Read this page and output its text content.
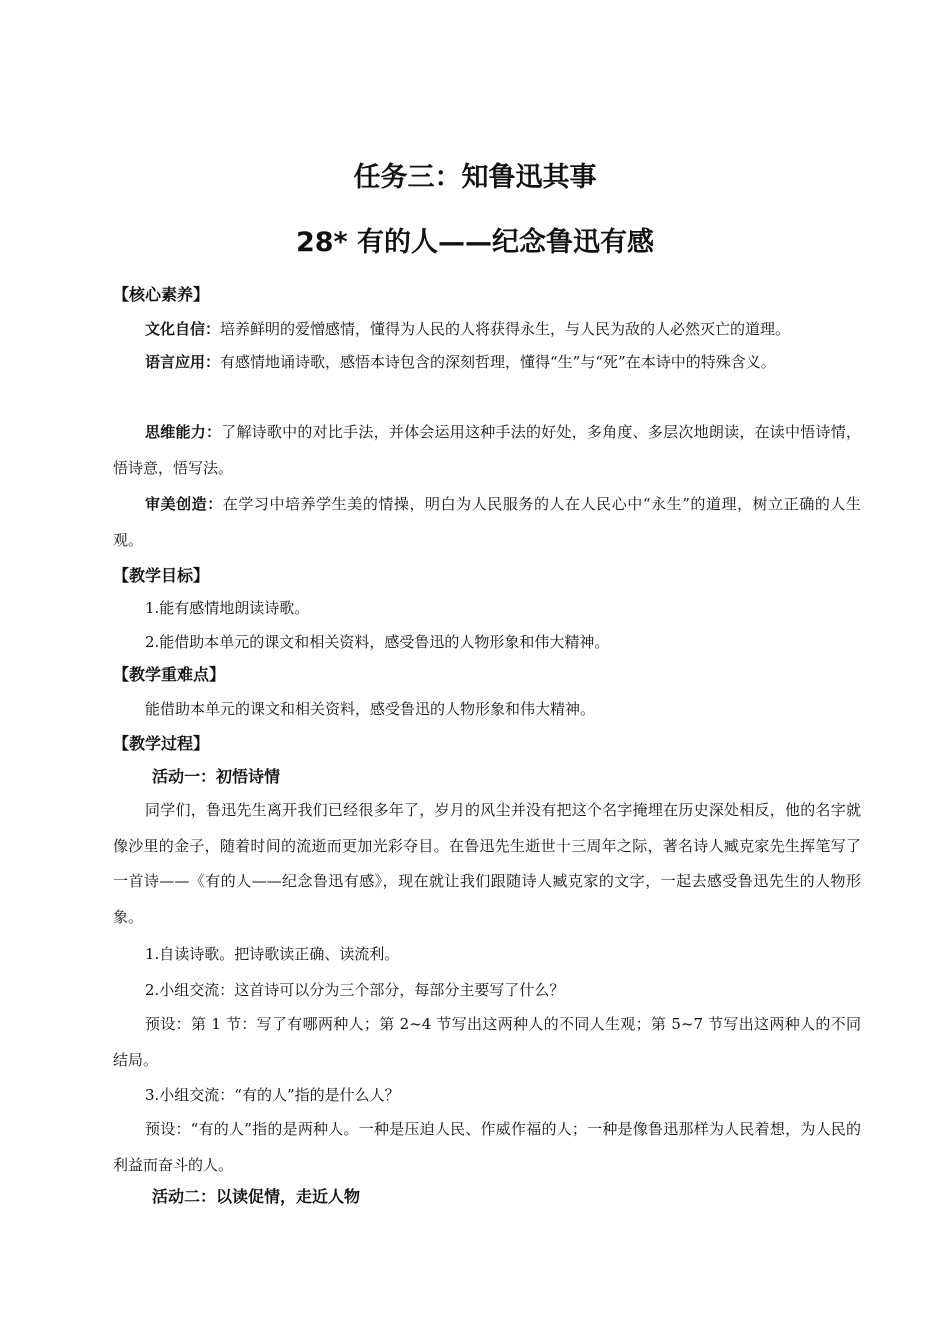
任务三：知鲁迅其事
28* 有的人——纪念鲁迅有感
【核心素养】
文化自信：培养鲜明的爱憎感情，懂得为人民的人将获得永生，与人民为敌的人必然灭亡的道理。
语言应用：有感情地诵诗歌，感悟本诗包含的深刻哲理，懂得“生”与“死”在本诗中的特殊含义。
思维能力：了解诗歌中的对比手法，并体会运用这种手法的好处，多角度、多层次地朗读，在读中悟诗情，悟诗意，悟写法。
审美创造：在学习中培养学生美的情操，明白为人民服务的人在人民心中“永生”的道理，树立正确的人生观。
【教学目标】
1.能有感情地朗读诗歌。
2.能借助本单元的课文和相关资料，感受鲁迅的人物形象和伟大精神。
【教学重难点】
能借助本单元的课文和相关资料，感受鲁迅的人物形象和伟大精神。
【教学过程】
活动一：初悟诗情
同学们，鲁迅先生离开我们已经很多年了，岁月的风尘并没有把这个名字掩埋在历史深处相反，他的名字就像沙里的金子，随着时间的流逝而更加光彩夺目。在鲁迅先生逝世十三周年之际，著名诗人臧克家先生挥笔写了一首诗——《有的人——纪念鲁迅有感》，现在就让我们跟随诗人臧克家的文字，一起去感受鲁迅先生的人物形象。
1.自读诗歌。把诗歌读正确、读流利。
2.小组交流：这首诗可以分为三个部分，每部分主要写了什么？
预设：第 1 节：写了有哪两种人；第 2~4 节写出这两种人的不同人生观；第 5~7 节写出这两种人的不同结局。
3.小组交流：“有的人”指的是什么人？
预设：“有的人”指的是两种人。一种是压迫人民、作威作福的人；一种是像鲁迅那样为人民着想，为人民的利益而奋斗的人。
活动二：以读促情，走近人物
